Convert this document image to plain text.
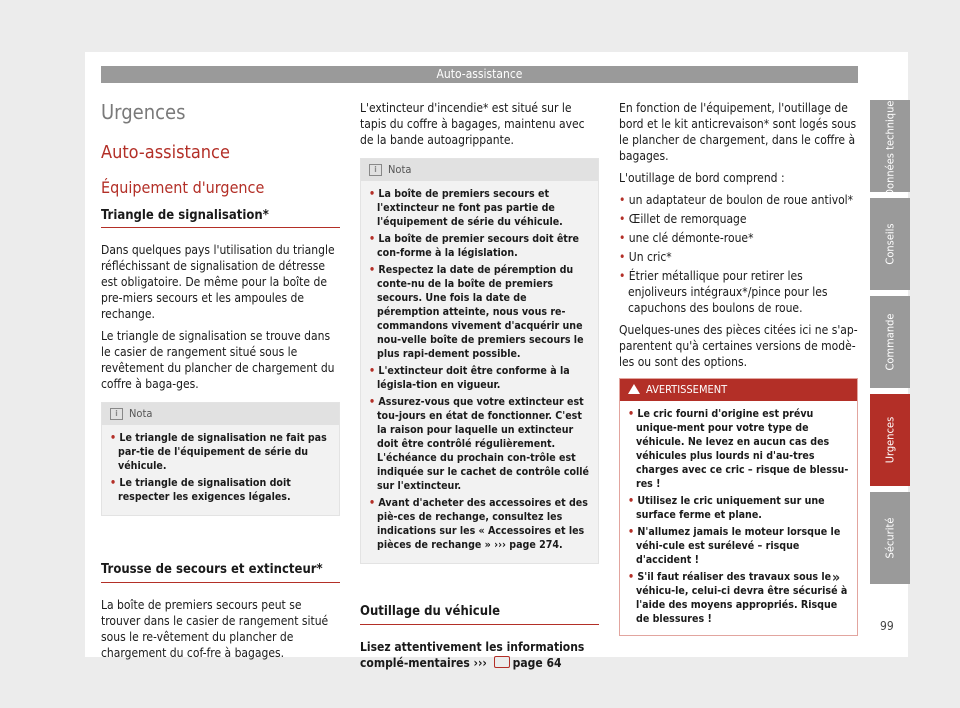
Auto-assistance
Urgences
Auto-assistance
Équipement d'urgence
Triangle de signalisation*

Dans quelques pays l'utilisation du triangle réfléchissant de signalisation de détresse est obligatoire. De même pour la boîte de pre-miers secours et les ampoules de rechange.

Le triangle de signalisation se trouve dans le casier de rangement situé sous le revêtement du plancher de chargement du coffre à baga-ges.

i Nota
• Le triangle de signalisation ne fait pas par-tie de l'équipement de série du véhicule.
• Le triangle de signalisation doit respecter les exigences légales.
Trousse de secours et extincteur*

La boîte de premiers secours peut se trouver dans le casier de rangement situé sous le re-vêtement du plancher de chargement du cof-fre à bagages.

L'extincteur d'incendie* est situé sur le tapis du coffre à bagages, maintenu avec de la bande autoagrippante.

i Nota
• La boîte de premiers secours et l'extincteur ne font pas partie de l'équipement de série du véhicule.
• La boîte de premier secours doit être con-forme à la législation.
• Respectez la date de péremption du conte-nu de la boîte de premiers secours. Une fois la date de péremption atteinte, nous vous re-commandons vivement d'acquérir une nou-velle boîte de premiers secours le plus rapi-dement possible.
• L'extincteur doit être conforme à la législa-tion en vigueur.
• Assurez-vous que votre extincteur est tou-jours en état de fonctionner. C'est la raison pour laquelle un extincteur doit être contrôlé régulièrement. L'échéance du prochain con-trôle est indiquée sur le cachet de contrôle collé sur l'extincteur.
• Avant d'acheter des accessoires et des piè-ces de rechange, consultez les indications sur les « Accessoires et les pièces de rechange » ››› page 274.
Outillage du véhicule

Lisez attentivement les informations complé-mentaires ››› page 64

En fonction de l'équipement, l'outillage de bord et le kit anticrevaison* sont logés sous le plancher de chargement, dans le coffre à bagages.

L'outillage de bord comprend :

• un adaptateur de boulon de roue antivol*
• Œillet de remorquage
• une clé démonte-roue*
• Un cric*
• Étrier métallique pour retirer les enjoliveurs intégraux*/pince pour les capuchons des boulons de roue.

Quelques-unes des pièces citées ici ne s'ap-parentent qu'à certaines versions de modè-les ou sont des options.

AVERTISSEMENT
• Le cric fourni d'origine est prévu unique-ment pour votre type de véhicule. Ne levez en aucun cas des véhicules plus lourds ni d'au-tres charges avec ce cric – risque de blessu-res !
• Utilisez le cric uniquement sur une surface ferme et plane.
• N'allumez jamais le moteur lorsque le véhi-cule est surélevé – risque d'accident !
• S'il faut réaliser des travaux sous le véhicu-le, celui-ci devra être sécurisé à l'aide des moyens appropriés. Risque de blessures !
»
Données techniques
Conseils
Commande
Urgences
Sécurité
99
